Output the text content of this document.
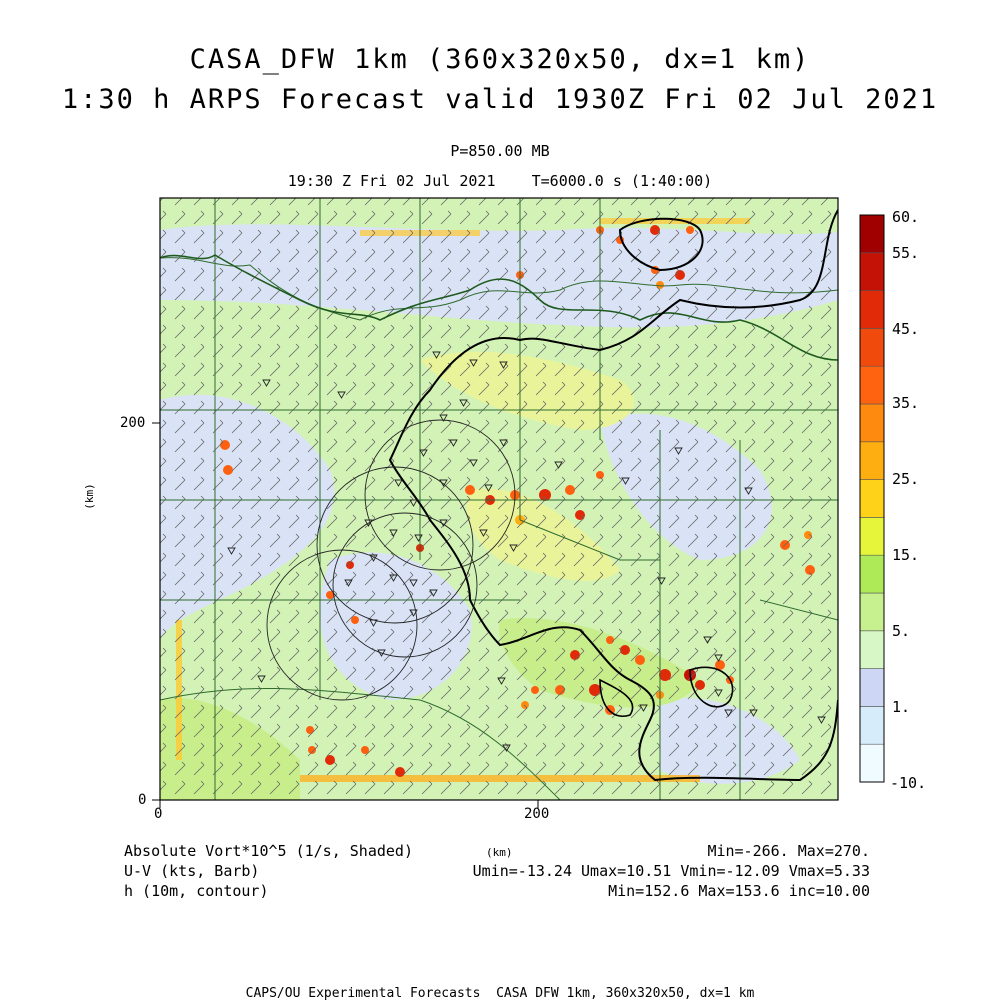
CASA_DFW 1km (360x320x50, dx=1 km)
1:30 h ARPS Forecast valid 1930Z Fri 02 Jul 2021
P=850.00 MB
19:30 Z Fri 02 Jul 2021    T=6000.0 s (1:40:00)
0	200
0
200
(km)
60.
55.
45.
35.
25.
15.
5.
1.
-10.
Absolute Vort*10^5 (1/s, Shaded)
U-V (kts, Barb)
h (10m, contour)
(km)	Min=-266. Max=270.
Umin=-13.24 Umax=10.51 Vmin=-12.09 Vmax=5.33
Min=152.6 Max=153.6 inc=10.00
CAPS/OU Experimental Forecasts  CASA DFW 1km, 360x320x50, dx=1 km
